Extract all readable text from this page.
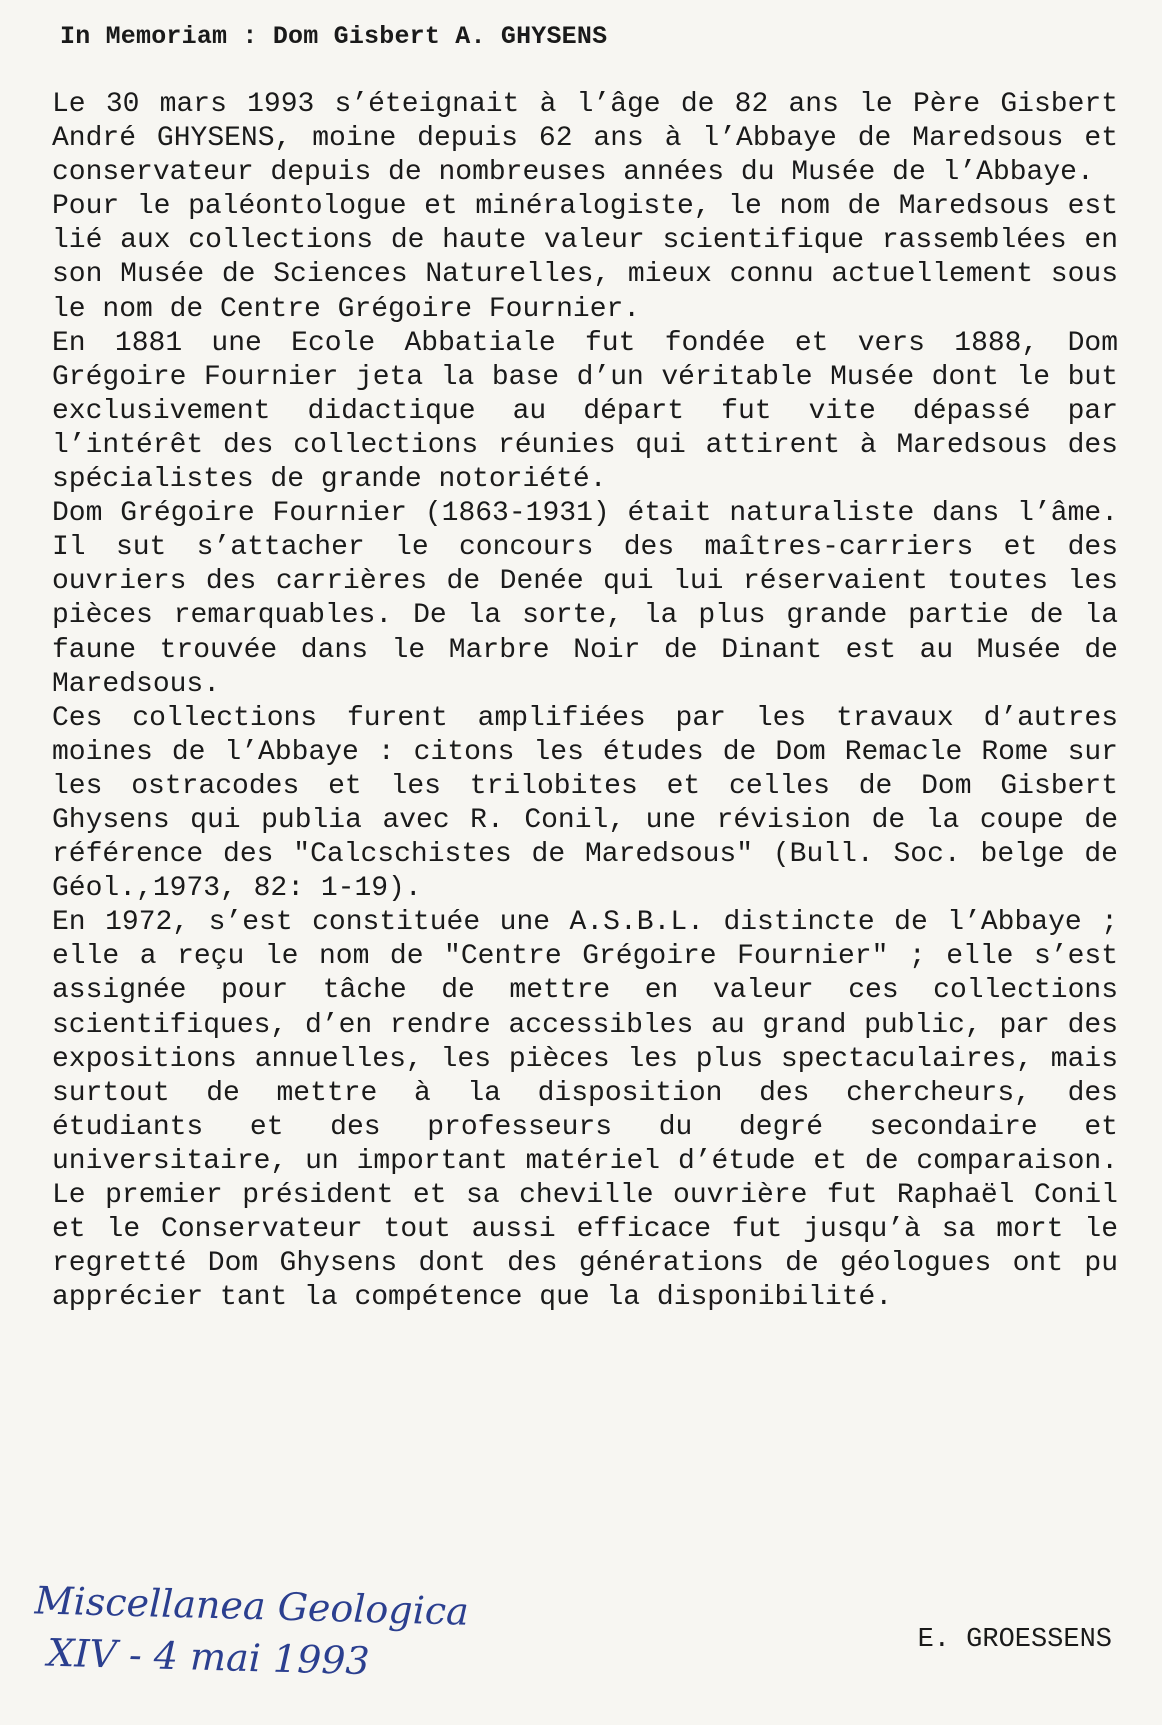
In Memoriam : Dom Gisbert A. GHYSENS

Le 30 mars 1993 s’éteignait à l’âge de 82 ans le Père Gisbert André GHYSENS, moine depuis 62 ans à l’Abbaye de Maredsous et conservateur depuis de nombreuses années du Musée de l’Abbaye.

Pour le paléontologue et minéralogiste, le nom de Maredsous est lié aux collections de haute valeur scientifique rassemblées en son Musée de Sciences Naturelles, mieux connu actuellement sous le nom de Centre Grégoire Fournier.

En 1881 une Ecole Abbatiale fut fondée et vers 1888, Dom Grégoire Fournier jeta la base d’un véritable Musée dont le but exclusivement didactique au départ fut vite dépassé par l’intérêt des collections réunies qui attirent à Maredsous des spécialistes de grande notoriété.

Dom Grégoire Fournier (1863-1931) était naturaliste dans l’âme. Il sut s’attacher le concours des maîtres-carriers et des ouvriers des carrières de Denée qui lui réservaient toutes les pièces remarquables. De la sorte, la plus grande partie de la faune trouvée dans le Marbre Noir de Dinant est au Musée de Maredsous.

Ces collections furent amplifiées par les travaux d’autres moines de l’Abbaye : citons les études de Dom Remacle Rome sur les ostracodes et les trilobites et celles de Dom Gisbert Ghysens qui publia avec R. Conil, une révision de la coupe de référence des "Calcschistes de Maredsous" (Bull. Soc. belge de Géol.,1973, 82: 1-19).

En 1972, s’est constituée une A.S.B.L. distincte de l’Abbaye ; elle a reçu le nom de "Centre Grégoire Fournier" ; elle s’est assignée pour tâche de mettre en valeur ces collections scientifiques, d’en rendre accessibles au grand public, par des expositions annuelles, les pièces les plus spectaculaires, mais surtout de mettre à la disposition des chercheurs, des étudiants et des professeurs du degré secondaire et universitaire, un important matériel d’étude et de comparaison. Le premier président et sa cheville ouvrière fut Raphaël Conil et le Conservateur tout aussi efficace fut jusqu’à sa mort le regretté Dom Ghysens dont des générations de géologues ont pu apprécier tant la compétence que la disponibilité.

Miscellanea Geologica
XIV - 4 mai 1993	E. GROESSENS
